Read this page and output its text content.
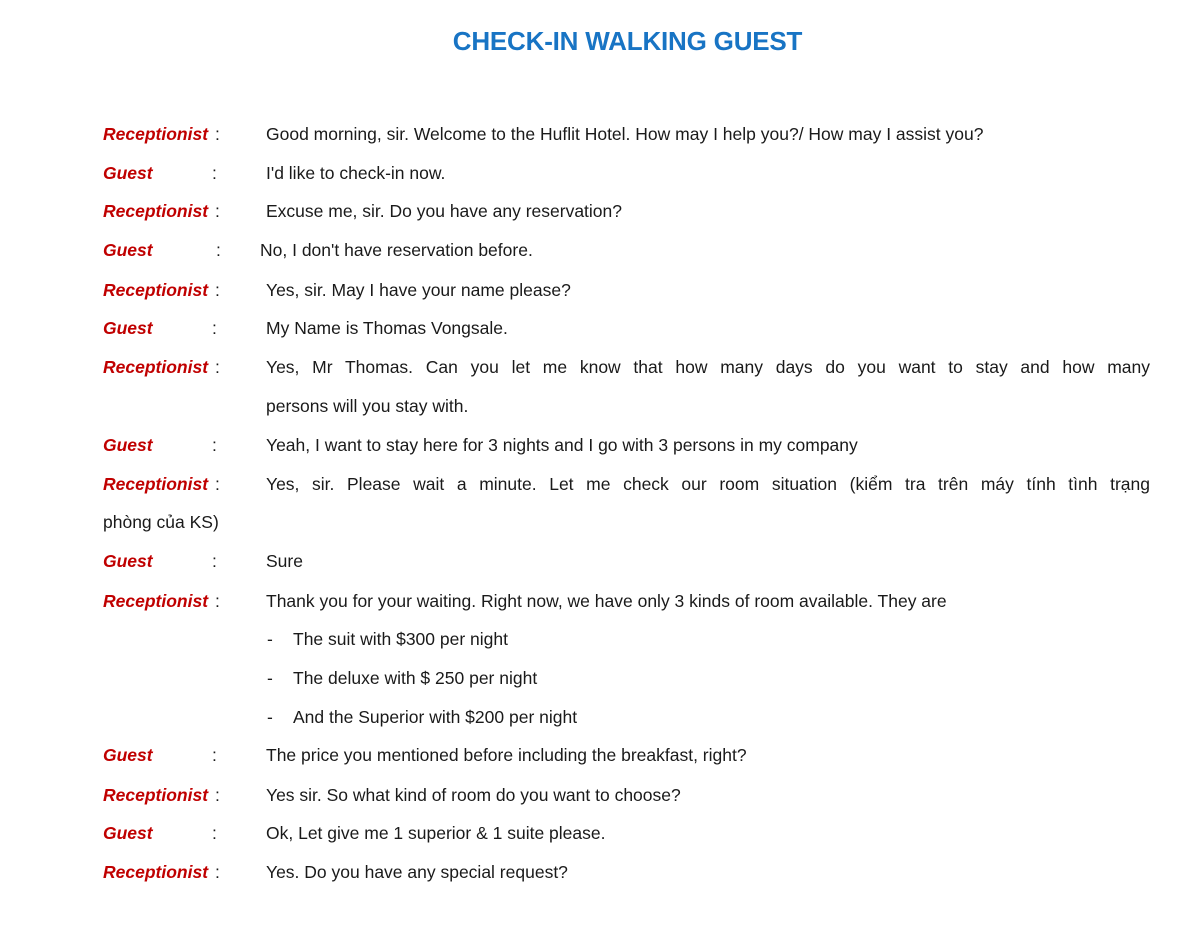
CHECK-IN WALKING GUEST
Receptionist :	Good morning, sir. Welcome to the Huflit Hotel. How may I help you?/ How may I assist you?
Guest	:	I'd like to check-in now.
Receptionist :	Excuse me, sir. Do you have any reservation?
Guest	: No, I don't have reservation before.
Receptionist :	Yes, sir. May I have your name please?
Guest	:	My Name is Thomas Vongsale.
Receptionist :	Yes, Mr Thomas. Can you let me know that how many days do you want to stay and how many
persons will you stay with.
Guest	:	Yeah, I want to stay here for 3 nights and I go with 3 persons in my company
Receptionist :	Yes, sir. Please wait a minute. Let me check our room situation (kiểm tra trên máy tính tình trạng
phòng của KS)
Guest	:	Sure
Receptionist :	Thank you for your waiting. Right now, we have only 3 kinds of room available. They are
- The suit with $300 per night
- The deluxe with $ 250 per night
- And the Superior with $200 per night
Guest	:	The price you mentioned before including the breakfast, right?
Receptionist :	Yes sir. So what kind of room do you want to choose?
Guest	:	Ok, Let give me 1 superior & 1 suite please.
Receptionist :	Yes. Do you have any special request?
